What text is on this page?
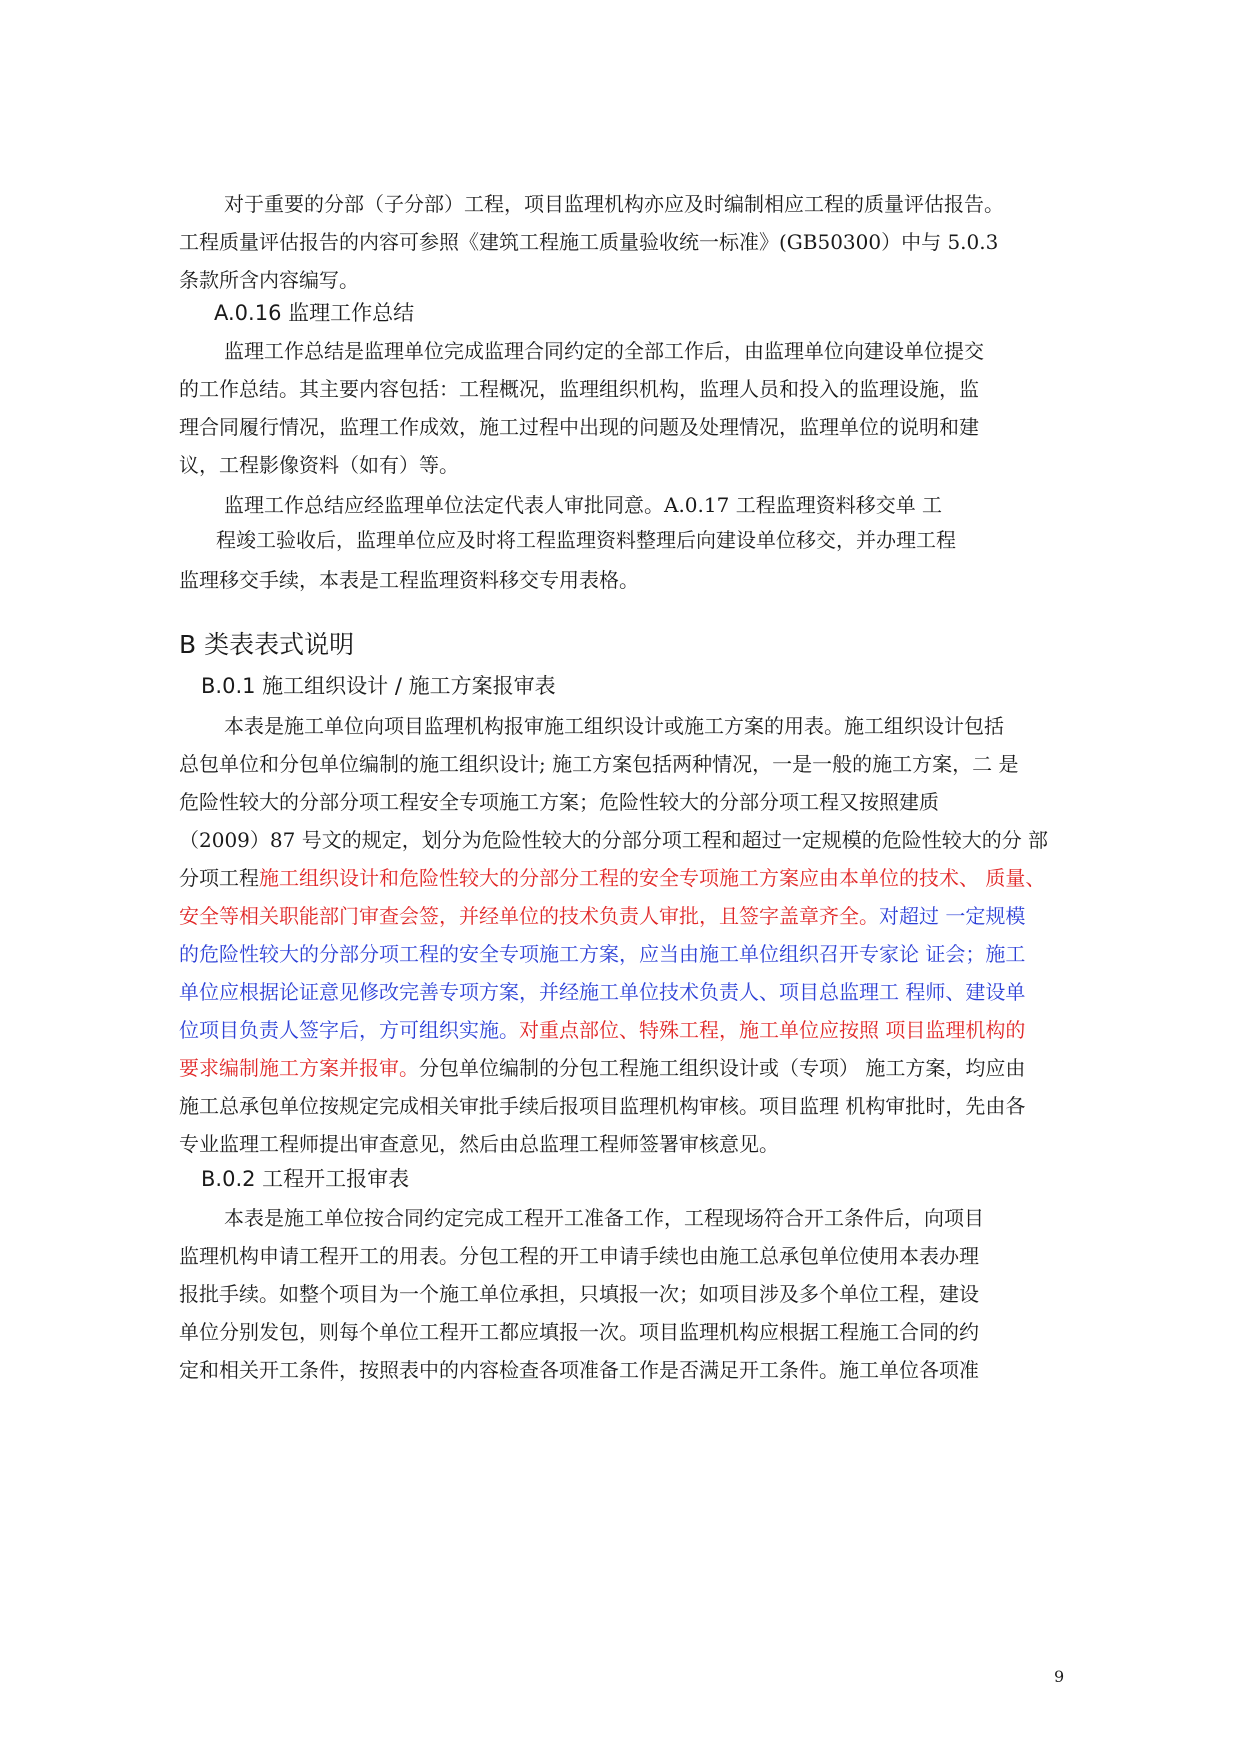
对于重要的分部（子分部）工程，项目监理机构亦应及时编制相应工程的质量评估报告。
工程质量评估报告的内容可参照《建筑工程施工质量验收统一标准》(GB50300）中与 5.0.3
条款所含内容编写。
A.0.16 监理工作总结
监理工作总结是监理单位完成监理合同约定的全部工作后，由监理单位向建设单位提交
的工作总结。其主要内容包括：工程概况，监理组织机构，监理人员和投入的监理设施，监
理合同履行情况，监理工作成效，施工过程中出现的问题及处理情况，监理单位的说明和建
议，工程影像资料（如有）等。
监理工作总结应经监理单位法定代表人审批同意。A.0.17 工程监理资料移交单 工
程竣工验收后，监理单位应及时将工程监理资料整理后向建设单位移交，并办理工程
监理移交手续，本表是工程监理资料移交专用表格。
B 类表表式说明
B.0.1 施工组织设计 / 施工方案报审表
本表是施工单位向项目监理机构报审施工组织设计或施工方案的用表。施工组织设计包括
总包单位和分包单位编制的施工组织设计; 施工方案包括两种情况，一是一般的施工方案，二 是
危险性较大的分部分项工程安全专项施工方案；危险性较大的分部分项工程又按照建质
（2009）87 号文的规定，划分为危险性较大的分部分项工程和超过一定规模的危险性较大的分 部
分项工程施工组织设计和危险性较大的分部分工程的安全专项施工方案应由本单位的技术、 质量、
安全等相关职能部门审查会签，并经单位的技术负责人审批，且签字盖章齐全。对超过 一定规模
的危险性较大的分部分项工程的安全专项施工方案，应当由施工单位组织召开专家论 证会；施工
单位应根据论证意见修改完善专项方案，并经施工单位技术负责人、项目总监理工 程师、建设单
位项目负责人签字后，方可组织实施。对重点部位、特殊工程，施工单位应按照 项目监理机构的
要求编制施工方案并报审。分包单位编制的分包工程施工组织设计或（专项） 施工方案，均应由
施工总承包单位按规定完成相关审批手续后报项目监理机构审核。项目监理 机构审批时，先由各
专业监理工程师提出审查意见，然后由总监理工程师签署审核意见。
B.0.2 工程开工报审表
本表是施工单位按合同约定完成工程开工准备工作，工程现场符合开工条件后，向项目
监理机构申请工程开工的用表。分包工程的开工申请手续也由施工总承包单位使用本表办理
报批手续。如整个项目为一个施工单位承担，只填报一次；如项目涉及多个单位工程，建设
单位分别发包，则每个单位工程开工都应填报一次。项目监理机构应根据工程施工合同的约
定和相关开工条件，按照表中的内容检查各项准备工作是否满足开工条件。施工单位各项准
9
